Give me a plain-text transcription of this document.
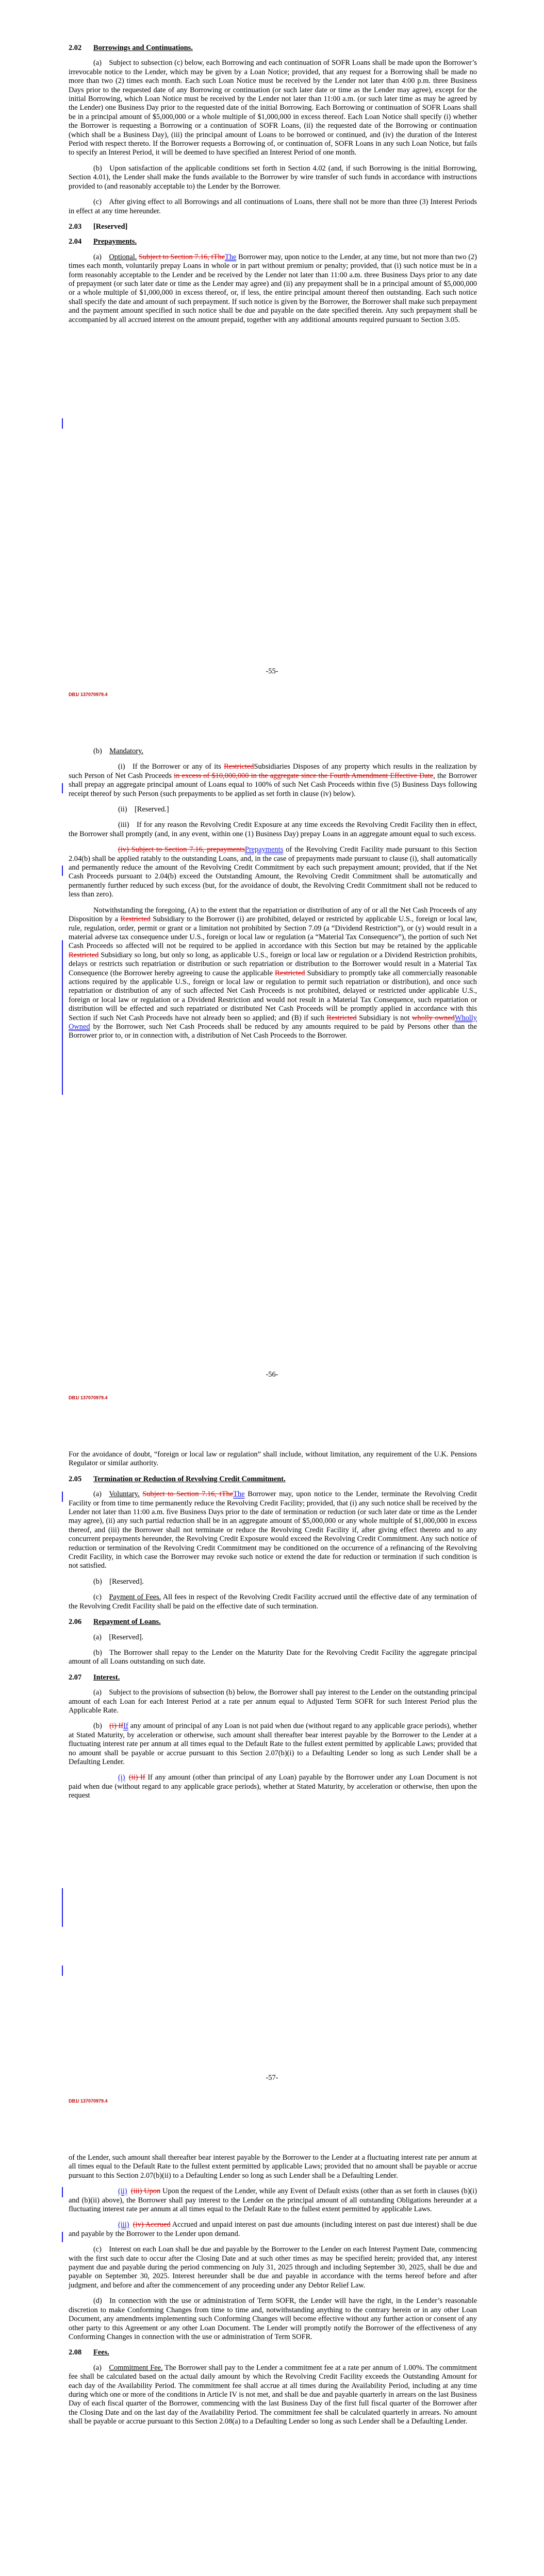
2.02 Borrowings and Continuations.

(a) Subject to subsection (c) below, each Borrowing and each continuation of SOFR Loans shall be made upon the Borrower’s irrevocable notice to the Lender, which may be given by a Loan Notice; provided, that any request for a Borrowing shall be made no more than two (2) times each month. Each such Loan Notice must be received by the Lender not later than 4:00 p.m. three Business Days prior to the requested date of any Borrowing or continuation (or such later date or time as the Lender may agree), except for the initial Borrowing, which Loan Notice must be received by the Lender not later than 11:00 a.m. (or such later time as may be agreed by the Lender) one Business Day prior to the requested date of the initial Borrowing. Each Borrowing or continuation of SOFR Loans shall be in a principal amount of $5,000,000 or a whole multiple of $1,000,000 in excess thereof. Each Loan Notice shall specify (i) whether the Borrower is requesting a Borrowing or a continuation of SOFR Loans, (ii) the requested date of the Borrowing or continuation (which shall be a Business Day), (iii) the principal amount of Loans to be borrowed or continued, and (iv) the duration of the Interest Period with respect thereto. If the Borrower requests a Borrowing of, or continuation of, SOFR Loans in any such Loan Notice, but fails to specify an Interest Period, it will be deemed to have specified an Interest Period of one month.

(b) Upon satisfaction of the applicable conditions set forth in Section 4.02 (and, if such Borrowing is the initial Borrowing, Section 4.01), the Lender shall make the funds available to the Borrower by wire transfer of such funds in accordance with instructions provided to (and reasonably acceptable to) the Lender by the Borrower.

(c) After giving effect to all Borrowings and all continuations of Loans, there shall not be more than three (3) Interest Periods in effect at any time hereunder.

2.03 [Reserved]
2.04 Prepayments.

(a)  Optional. Subject to Section 7.16, tTheThe Borrower may, upon notice to the Lender, at any time, but not more than two (2) times each month, voluntarily prepay Loans in whole or in part without premium or penalty; provided, that (i) such notice must be in a form reasonably acceptable to the Lender and be received by the Lender not later than 11:00 a.m. three Business Days prior to any date of prepayment (or such later date or time as the Lender may agree) and (ii) any prepayment shall be in a principal amount of $5,000,000 or a whole multiple of $1,000,000 in excess thereof, or, if less, the entire principal amount thereof then outstanding. Each such notice shall specify the date and amount of such prepayment. If such notice is given by the Borrower, the Borrower shall make such prepayment and the payment amount specified in such notice shall be due and payable on the date specified therein. Any such prepayment shall be accompanied by all accrued interest on the amount prepaid, together with any additional amounts required pursuant to Section 3.05.

-55-
DB1/ 137070979.4

(b)  Mandatory.

(i) If the Borrower or any of its RestrictedSubsidiaries Disposes of any property which results in the realization by such Person of Net Cash Proceeds in excess of $10,000,000 in the aggregate since the Fourth Amendment Effective Date, the Borrower shall prepay an aggregate principal amount of Loans equal to 100% of such Net Cash Proceeds within five (5) Business Days following receipt thereof by such Person (such prepayments to be applied as set forth in clause (iv) below).

(ii) [Reserved.]

(iii) If for any reason the Revolving Credit Exposure at any time exceeds the Revolving Credit Facility then in effect, the Borrower shall promptly (and, in any event, within one (1) Business Day) prepay Loans in an aggregate amount equal to such excess.

(iv) Subject to Section 7.16, prepaymentsPrepayments of the Revolving Credit Facility made pursuant to this Section 2.04(b) shall be applied ratably to the outstanding Loans, and, in the case of prepayments made pursuant to clause (i), shall automatically and permanently reduce the amount of the Revolving Credit Commitment by each such prepayment amount; provided, that if the Net Cash Proceeds pursuant to 2.04(b) exceed the Outstanding Amount, the Revolving Credit Commitment shall be automatically and permanently further reduced by such excess (but, for the avoidance of doubt, the Revolving Credit Commitment shall not be reduced to less than zero).

Notwithstanding the foregoing, (A) to the extent that the repatriation or distribution of any of or all the Net Cash Proceeds of any Disposition by a Restricted Subsidiary to the Borrower (i) are prohibited, delayed or restricted by applicable U.S., foreign or local law, rule, regulation, order, permit or grant or a limitation not prohibited by Section 7.09 (a “Dividend Restriction”), or (y) would result in a material adverse tax consequence under U.S., foreign or local law or regulation (a “Material Tax Consequence”), the portion of such Net Cash Proceeds so affected will not be required to be applied in accordance with this Section but may be retained by the applicable Restricted Subsidiary so long, but only so long, as applicable U.S., foreign or local law or regulation or a Dividend Restriction prohibits, delays or restricts such repatriation or distribution or such repatriation or distribution to the Borrower would result in a Material Tax Consequence (the Borrower hereby agreeing to cause the applicable Restricted Subsidiary to promptly take all commercially reasonable actions required by the applicable U.S., foreign or local law or regulation to permit such repatriation or distribution), and once such repatriation or distribution of any of such affected Net Cash Proceeds is not prohibited, delayed or restricted under applicable U.S., foreign or local law or regulation or a Dividend Restriction and would not result in a Material Tax Consequence, such repatriation or distribution will be effected and such repatriated or distributed Net Cash Proceeds will be promptly applied in accordance with this Section if such Net Cash Proceeds have not already been so applied; and (B) if such Restricted Subsidiary is not wholly ownedWholly Owned by the Borrower, such Net Cash Proceeds shall be reduced by any amounts required to be paid by Persons other than the Borrower prior to, or in connection with, a distribution of Net Cash Proceeds to the Borrower.

-56-
DB1/ 137070979.4

For the avoidance of doubt, “foreign or local law or regulation” shall include, without limitation, any requirement of the U.K. Pensions Regulator or similar authority.

2.05 Termination or Reduction of Revolving Credit Commitment.

(a)  Voluntary. Subject to Section 7.16, tTheThe Borrower may, upon notice to the Lender, terminate the Revolving Credit Facility or from time to time permanently reduce the Revolving Credit Facility; provided, that (i) any such notice shall be received by the Lender not later than 11:00 a.m. five Business Days prior to the date of termination or reduction (or such later date or time as the Lender may agree), (ii) any such partial reduction shall be in an aggregate amount of $5,000,000 or any whole multiple of $1,000,000 in excess thereof, and (iii) the Borrower shall not terminate or reduce the Revolving Credit Facility if, after giving effect thereto and to any concurrent prepayments hereunder, the Revolving Credit Exposure would exceed the Revolving Credit Commitment. Any such notice of reduction or termination of the Revolving Credit Commitment may be conditioned on the occurrence of a refinancing of the Revolving Credit Facility, in which case the Borrower may revoke such notice or extend the date for reduction or termination if such condition is not satisfied.

(b) [Reserved].

(c)  Payment of Fees. All fees in respect of the Revolving Credit Facility accrued until the effective date of any termination of the Revolving Credit Facility shall be paid on the effective date of such termination.

2.06 Repayment of Loans.

(a) [Reserved].

(b) The Borrower shall repay to the Lender on the Maturity Date for the Revolving Credit Facility the aggregate principal amount of all Loans outstanding on such date.

2.07 Interest.

(a) Subject to the provisions of subsection (b) below, the Borrower shall pay interest to the Lender on the outstanding principal amount of each Loan for each Interest Period at a rate per annum equal to Adjusted Term SOFR for such Interest Period plus the Applicable Rate.

(b)  (i) IfIf any amount of principal of any Loan is not paid when due (without regard to any applicable grace periods), whether at Stated Maturity, by acceleration or otherwise, such amount shall thereafter bear interest payable by the Borrower to the Lender at a fluctuating interest rate per annum at all times equal to the Default Rate to the fullest extent permitted by applicable Laws; provided that no amount shall be payable or accrue pursuant to this Section 2.07(b)(i) to a Defaulting Lender so long as such Lender shall be a Defaulting Lender.

(i)  (ii) If If any amount (other than principal of any Loan) payable by the Borrower under any Loan Document is not paid when due (without regard to any applicable grace periods), whether at Stated Maturity, by acceleration or otherwise, then upon the request

-57-
DB1/ 137070979.4

of the Lender, such amount shall thereafter bear interest payable by the Borrower to the Lender at a fluctuating interest rate per annum at all times equal to the Default Rate to the fullest extent permitted by applicable Laws; provided that no amount shall be payable or accrue pursuant to this Section 2.07(b)(ii) to a Defaulting Lender so long as such Lender shall be a Defaulting Lender.

(ii)  (iii) Upon Upon the request of the Lender, while any Event of Default exists (other than as set forth in clauses (b)(i) and (b)(ii) above), the Borrower shall pay interest to the Lender on the principal amount of all outstanding Obligations hereunder at a fluctuating interest rate per annum at all times equal to the Default Rate to the fullest extent permitted by applicable Laws.

(iii)  (iv) Accrued Accrued and unpaid interest on past due amounts (including interest on past due interest) shall be due and payable by the Borrower to the Lender upon demand.

(c) Interest on each Loan shall be due and payable by the Borrower to the Lender on each Interest Payment Date, commencing with the first such date to occur after the Closing Date and at such other times as may be specified herein; provided that, any interest payment due and payable during the period commencing on July 31, 2025 through and including September 30, 2025, shall be due and payable on September 30, 2025. Interest hereunder shall be due and payable in accordance with the terms hereof before and after judgment, and before and after the commencement of any proceeding under any Debtor Relief Law.

(d) In connection with the use or administration of Term SOFR, the Lender will have the right, in the Lender’s reasonable discretion to make Conforming Changes from time to time and, notwithstanding anything to the contrary herein or in any other Loan Document, any amendments implementing such Conforming Changes will become effective without any further action or consent of any other party to this Agreement or any other Loan Document. The Lender will promptly notify the Borrower of the effectiveness of any Conforming Changes in connection with the use or administration of Term SOFR.

2.08 Fees.

(a)  Commitment Fee. The Borrower shall pay to the Lender a commitment fee at a rate per annum of 1.00%. The commitment fee shall be calculated based on the actual daily amount by which the Revolving Credit Facility exceeds the Outstanding Amount for each day of the Availability Period. The commitment fee shall accrue at all times during the Availability Period, including at any time during which one or more of the conditions in Article IV is not met, and shall be due and payable quarterly in arrears on the last Business Day of each fiscal quarter of the Borrower, commencing with the last Business Day of the first full fiscal quarter of the Borrower after the Closing Date and on the last day of the Availability Period. The commitment fee shall be calculated quarterly in arrears. No amount shall be payable or accrue pursuant to this Section 2.08(a) to a Defaulting Lender so long as such Lender shall be a Defaulting Lender.
